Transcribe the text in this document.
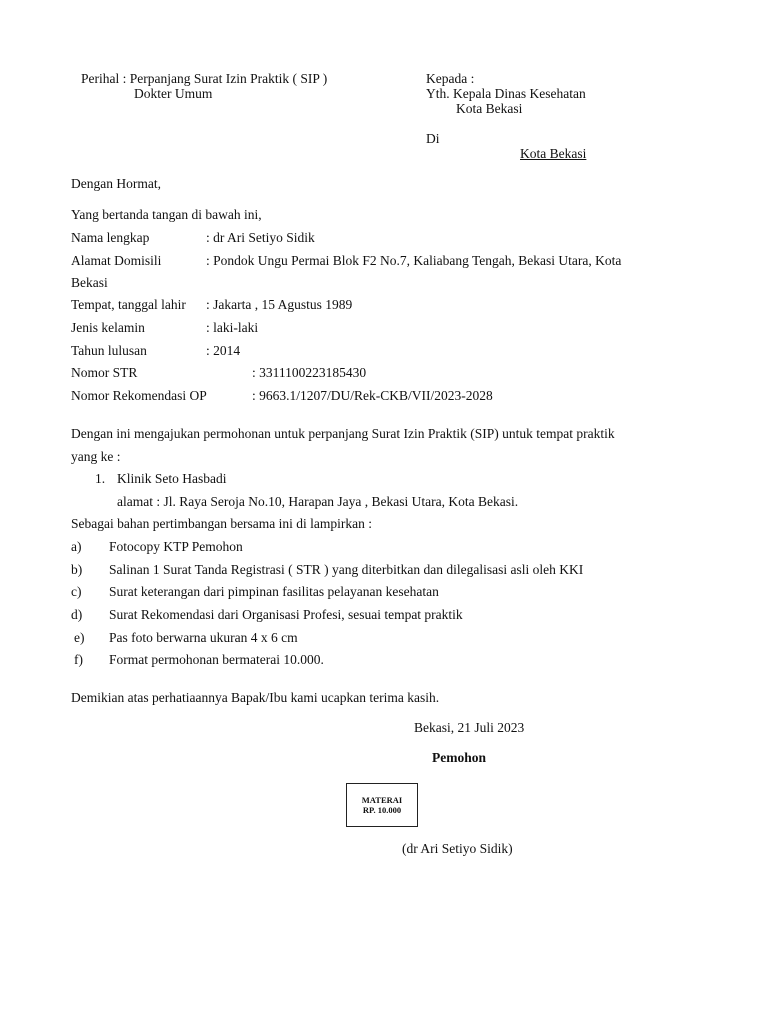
Perihal : Perpanjang Surat Izin Praktik ( SIP )
Dokter Umum
Kepada :
Yth. Kepala Dinas Kesehatan
Kota Bekasi
Di
Kota Bekasi
Dengan Hormat,
Yang bertanda tangan di bawah ini,
Nama lengkap	: dr Ari Setiyo Sidik
Alamat Domisili	: Pondok Ungu Permai Blok F2 No.7, Kaliabang Tengah, Bekasi Utara, Kota
Bekasi
Tempat, tanggal lahir : Jakarta , 15 Agustus 1989
Jenis kelamin	: laki-laki
Tahun lulusan	: 2014
Nomor STR	: 3311100223185430
Nomor Rekomendasi OP	: 9663.1/1207/DU/Rek-CKB/VII/2023-2028
Dengan ini mengajukan permohonan untuk perpanjang Surat Izin Praktik (SIP) untuk tempat praktik
yang ke :
1. Klinik Seto Hasbadi
alamat : Jl. Raya Seroja No.10, Harapan Jaya , Bekasi Utara, Kota Bekasi.
Sebagai bahan pertimbangan bersama ini di lampirkan :
a) Fotocopy KTP Pemohon
b) Salinan 1 Surat Tanda Registrasi ( STR ) yang diterbitkan dan dilegalisasi asli oleh KKI
c) Surat keterangan dari pimpinan fasilitas pelayanan kesehatan
d) Surat Rekomendasi dari Organisasi Profesi, sesuai tempat praktik
e) Pas foto berwarna ukuran 4 x 6 cm
f) Format permohonan bermaterai 10.000.
Demikian atas perhatiaannya Bapak/Ibu kami ucapkan terima kasih.
Bekasi, 21 Juli 2023
Pemohon
MATERAI
RP. 10.000
(dr Ari Setiyo Sidik)
